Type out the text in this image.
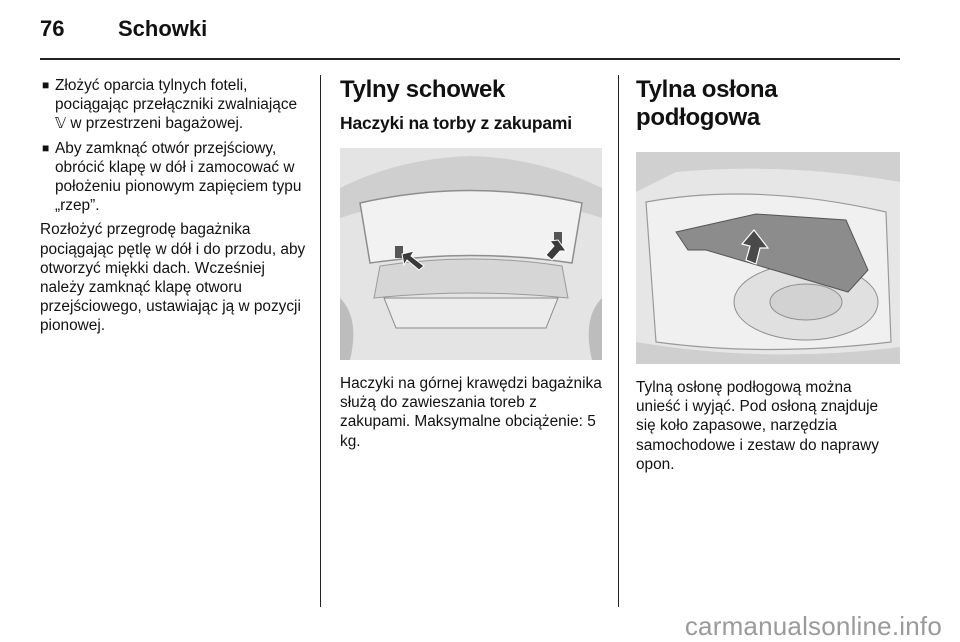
76 Schowki
■ Złożyć oparcia tylnych foteli, pociągając przełączniki zwalniające 𝕍 w przestrzeni bagażowej.
■ Aby zamknąć otwór przejściowy, obrócić klapę w dół i zamocować w położeniu pionowym zapięciem typu „rzep”.

Rozłożyć przegrodę bagażnika pociągając pętlę w dół i do przodu, aby otworzyć miękki dach. Wcześniej należy zamknąć klapę otworu przejściowego, ustawiając ją w pozycji pionowej.

Tylny schowek
Haczyki na torby z zakupami

Haczyki na górnej krawędzi bagażnika służą do zawieszania toreb z zakupami. Maksymalne obciążenie: 5 kg.

Tylna osłona podłogowa

Tylną osłonę podłogową można unieść i wyjąć. Pod osłoną znajduje się koło zapasowe, narzędzia samochodowe i zestaw do naprawy opon.

carmanualsonline.info
